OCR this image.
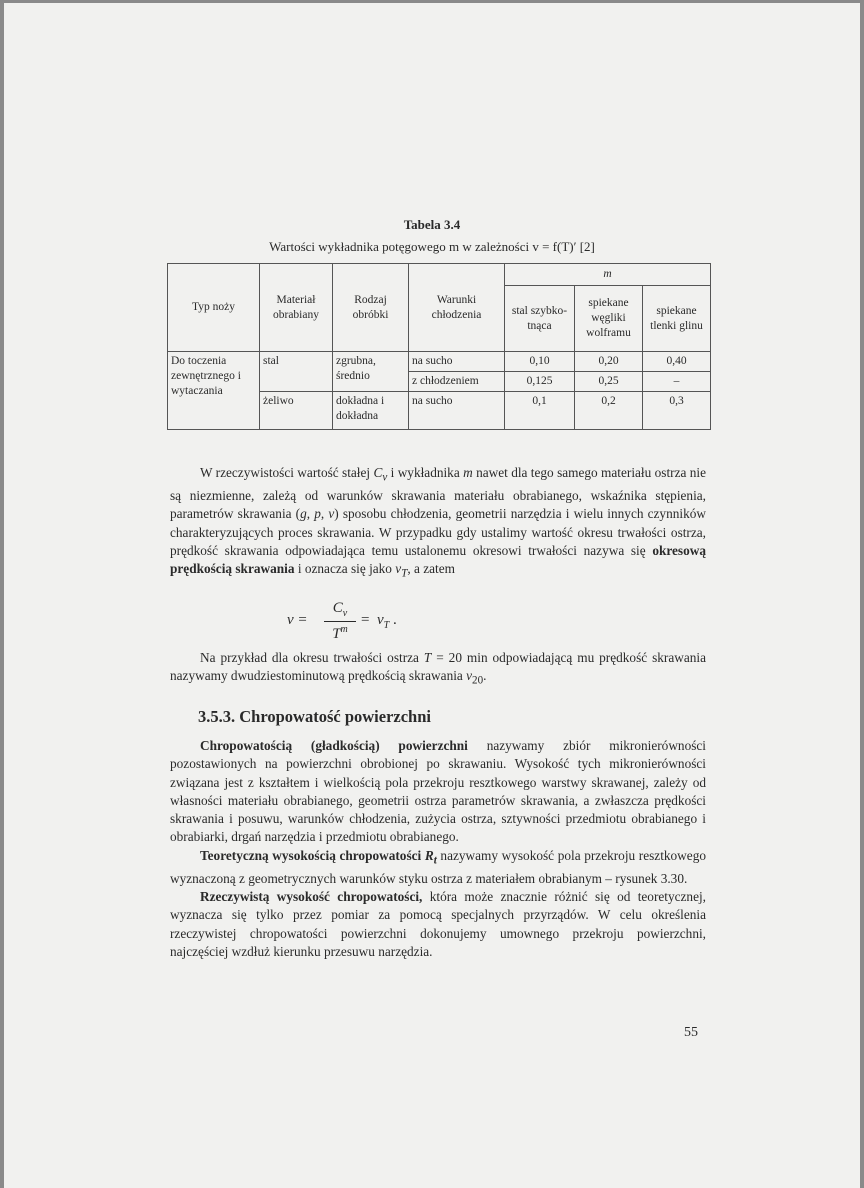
Tabela 3.4
Wartości wykładnika potęgowego m w zależności v = f(T)′ [2]
Typ noży	Materiał obrabiany	Rodzaj obróbki	Warunki chłodzenia	m		
				stal szybko-tnąca	spiekane węgliki wolframu	spiekane tlenki glinu
Do toczenia zewnętrznego i wytaczania	stal	zgrubna, średnio	na sucho	0,10	0,20	0,40
			z chłodzeniem	0,125	0,25	–
	żeliwo	dokładna i dokładna	na sucho	0,1	0,2	0,3

W rzeczywistości wartość stałej $C_v$ i wykładnika m nawet dla tego samego materiału ostrza nie są niezmienne, zależą od warunków skrawania materiału obrabianego, wskaźnika stępienia, parametrów skrawania (g, p, v) sposobu chłodzenia, geometrii narzędzia i wielu innych czynników charakteryzujących proces skrawania. W przypadku gdy ustalimy wartość okresu trwałości ostrza, prędkość skrawania odpowiadająca temu ustalonemu okresowi trwałości nazywa się okresową prędkością skrawania i oznacza się jako $v_T$, a zatem

v =
$C_v$
$T^m$
= $v_T$ .

Na przykład dla okresu trwałości ostrza T = 20 min odpowiadającą mu prędkość skrawania nazywamy dwudziestominutową prędkością skrawania $v_{20}$.

3.5.3. Chropowatość powierzchni

Chropowatością (gładkością) powierzchni nazywamy zbiór mikronierówności pozostawionych na powierzchni obrobionej po skrawaniu. Wysokość tych mikronierówności związana jest z kształtem i wielkością pola przekroju resztkowego warstwy skrawanej, zależy od własności materiału obrabianego, geometrii ostrza parametrów skrawania, a zwłaszcza prędkości skrawania i posuwu, warunków chłodzenia, zużycia ostrza, sztywności przedmiotu obrabianego i obrabiarki, drgań narzędzia i przedmiotu obrabianego.

Teoretyczną wysokością chropowatości $R_t$ nazywamy wysokość pola przekroju resztkowego wyznaczoną z geometrycznych warunków styku ostrza z materiałem obrabianym – rysunek 3.30.

Rzeczywistą wysokość chropowatości, która może znacznie różnić się od teoretycznej, wyznacza się tylko przez pomiar za pomocą specjalnych przyrządów. W celu określenia rzeczywistej chropowatości powierzchni dokonujemy umownego przekroju powierzchni, najczęściej wzdłuż kierunku przesuwu narzędzia.

55
